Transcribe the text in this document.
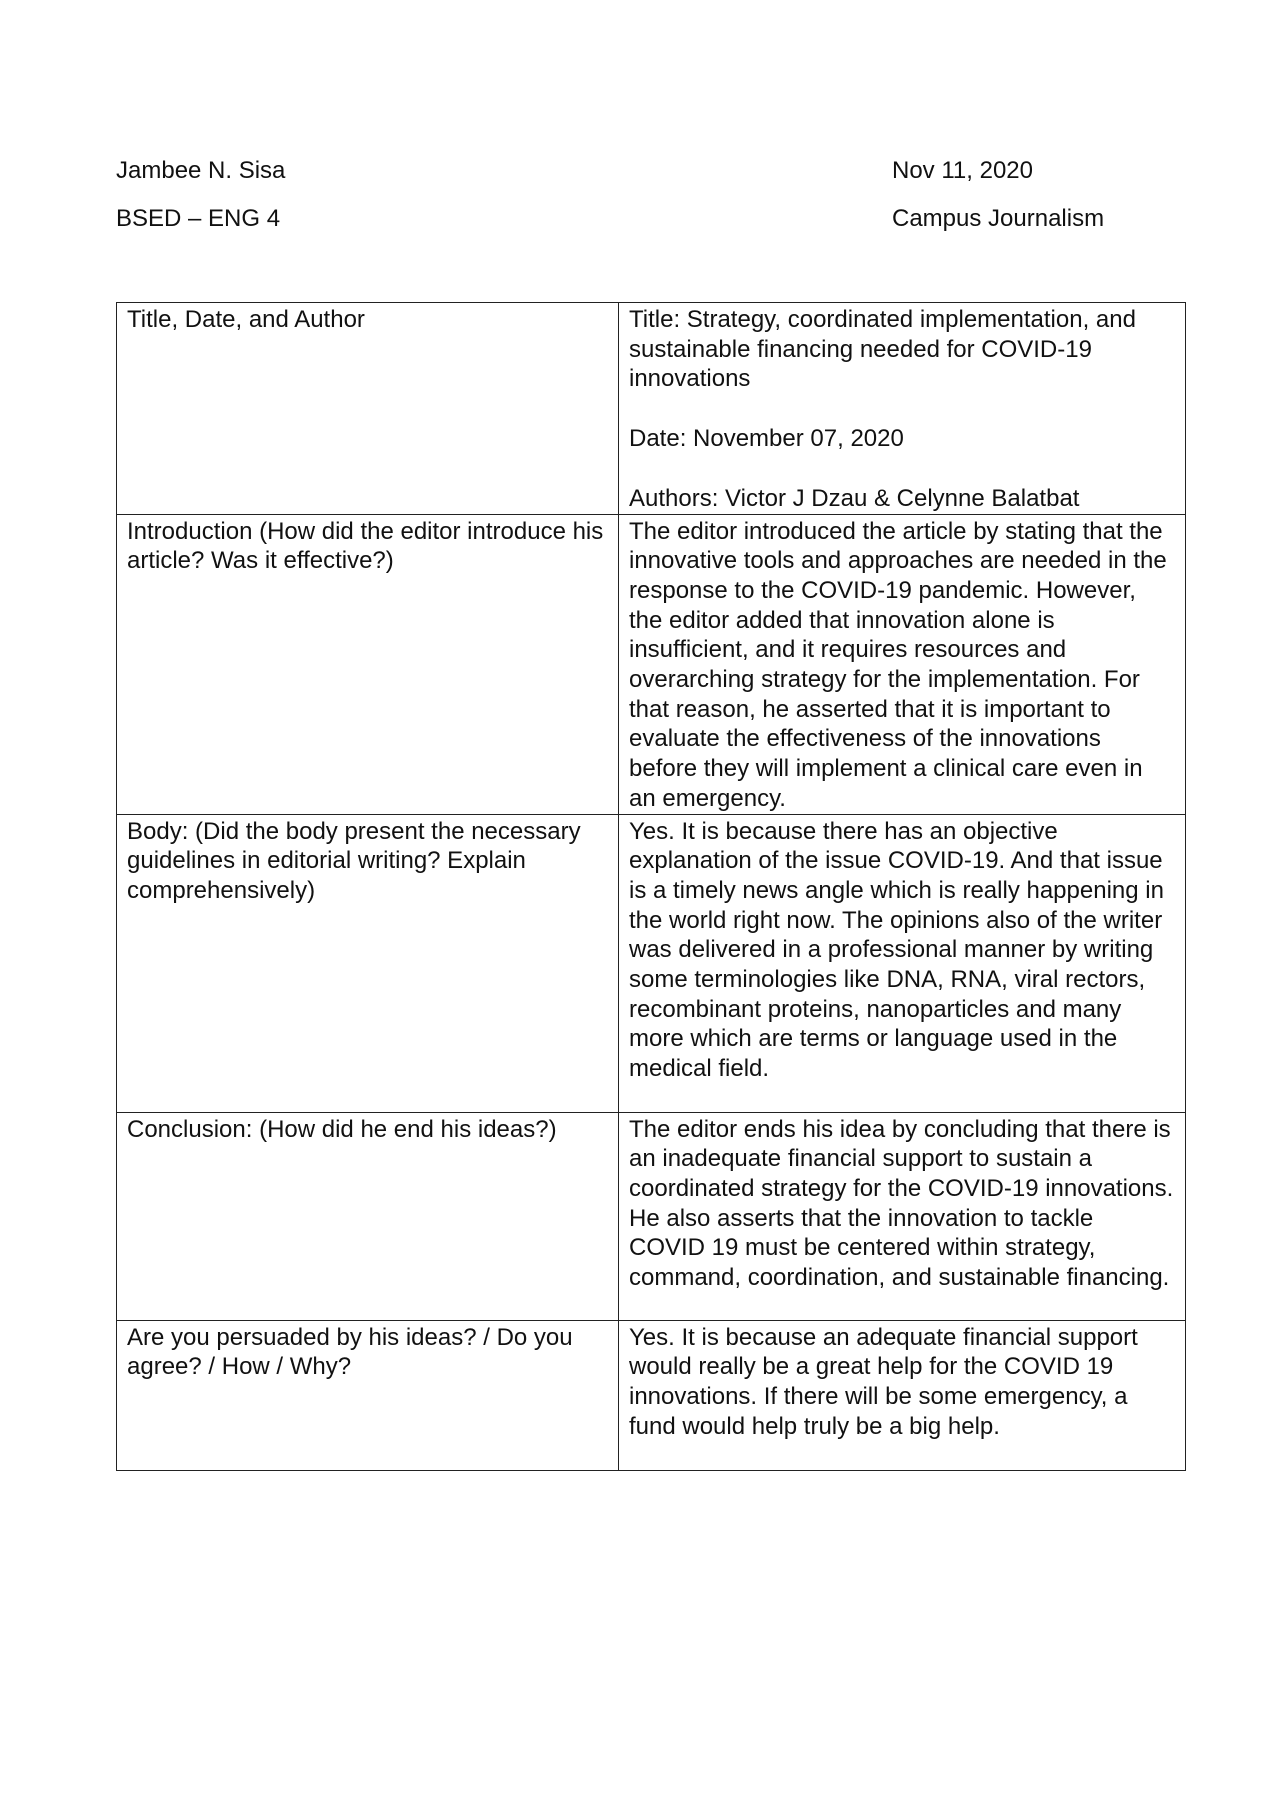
Jambee N. Sisa
BSED – ENG 4
Nov 11, 2020
Campus Journalism
Title, Date, and Author	Title: Strategy, coordinated implementation, and sustainable financing needed for COVID-19 innovations

Date: November 07, 2020

Authors: Victor J Dzau & Celynne Balatbat

Introduction (How did the editor introduce his article? Was it effective?)	The editor introduced the article by stating that the innovative tools and approaches are needed in the response to the COVID-19 pandemic. However, the editor added that innovation alone is insufficient, and it requires resources and overarching strategy for the implementation. For that reason, he asserted that it is important to evaluate the effectiveness of the innovations before they will implement a clinical care even in an emergency.
Body: (Did the body present the necessary guidelines in editorial writing? Explain comprehensively)	Yes. It is because there has an objective explanation of the issue COVID-19. And that issue is a timely news angle which is really happening in the world right now. The opinions also of the writer was delivered in a professional manner by writing some terminologies like DNA, RNA, viral rectors, recombinant proteins, nanoparticles and many more which are terms or language used in the medical field.
Conclusion: (How did he end his ideas?)	The editor ends his idea by concluding that there is an inadequate financial support to sustain a coordinated strategy for the COVID-19 innovations. He also asserts that the innovation to tackle COVID 19 must be centered within strategy, command, coordination, and sustainable financing.
Are you persuaded by his ideas? / Do you agree? / How / Why?	Yes. It is because an adequate financial support would really be a great help for the COVID 19 innovations. If there will be some emergency, a fund would help truly be a big help.
